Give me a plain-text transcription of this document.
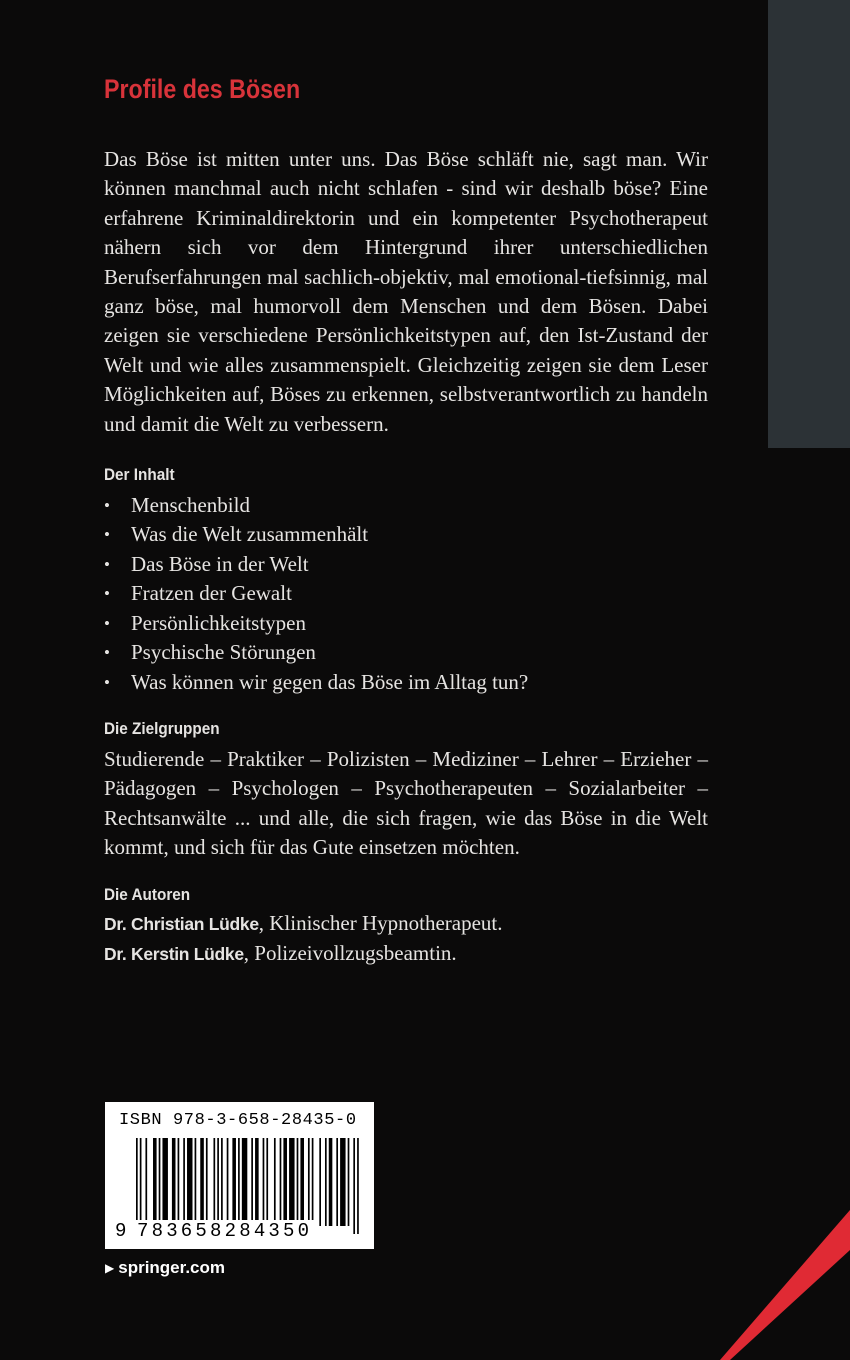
Profile des Bösen

Das Böse ist mitten unter uns. Das Böse schläft nie, sagt man. Wir können manchmal auch nicht schlafen - sind wir deshalb böse? Eine erfahrene Kriminaldirektorin und ein kompetenter Psychotherapeut nähern sich vor dem Hintergrund ihrer unterschiedlichen Berufserfahrungen mal sachlich-objektiv, mal emotional-tiefsinnig, mal ganz böse, mal humorvoll dem Menschen und dem Bösen. Dabei zeigen sie verschiedene Persönlichkeitstypen auf, den Ist-Zustand der Welt und wie alles zusammenspielt. Gleichzeitig zeigen sie dem Leser Möglichkeiten auf, Böses zu erkennen, selbstverantwortlich zu handeln und damit die Welt zu verbessern.

Der Inhalt
• Menschenbild
• Was die Welt zusammenhält
• Das Böse in der Welt
• Fratzen der Gewalt
• Persönlichkeitstypen
• Psychische Störungen
• Was können wir gegen das Böse im Alltag tun?
Die Zielgruppen

Studierende – Praktiker – Polizisten – Mediziner – Lehrer – Erzieher – Pädagogen – Psychologen – Psychotherapeuten – Sozialarbeiter – Rechtsanwälte ... und alle, die sich fragen, wie das Böse in die Welt kommt, und sich für das Gute einsetzen möchten.

Die Autoren

Dr. Christian Lüdke, Klinischer Hypnotherapeut.

Dr. Kerstin Lüdke, Polizeivollzugsbeamtin.

ISBN 978-3-658-28435-0
9 783658284350
▶ springer.com
